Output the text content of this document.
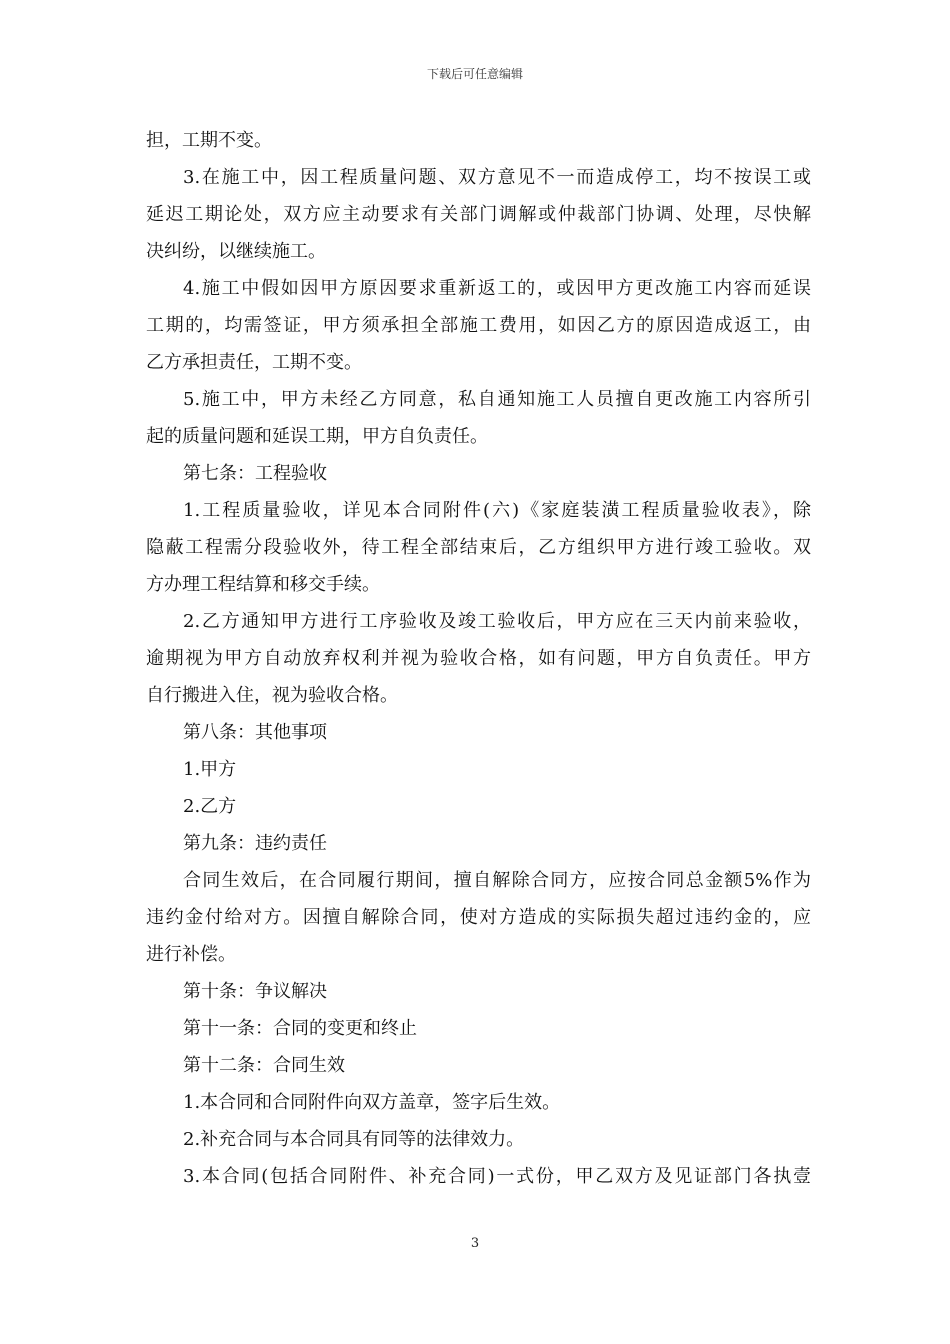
下载后可任意编辑
担，工期不变。
3.在施工中，因工程质量问题、双方意见不一而造成停工，均不按误工或
延迟工期论处，双方应主动要求有关部门调解或仲裁部门协调、处理，尽快解
决纠纷，以继续施工。
4.施工中假如因甲方原因要求重新返工的，或因甲方更改施工内容而延误
工期的，均需签证，甲方须承担全部施工费用，如因乙方的原因造成返工，由
乙方承担责任，工期不变。
5.施工中，甲方未经乙方同意，私自通知施工人员擅自更改施工内容所引
起的质量问题和延误工期，甲方自负责任。
第七条：工程验收
1.工程质量验收，详见本合同附件(六)《家庭装潢工程质量验收表》，除
隐蔽工程需分段验收外，待工程全部结束后，乙方组织甲方进行竣工验收。双
方办理工程结算和移交手续。
2.乙方通知甲方进行工序验收及竣工验收后，甲方应在三天内前来验收，
逾期视为甲方自动放弃权利并视为验收合格，如有问题，甲方自负责任。甲方
自行搬进入住，视为验收合格。
第八条：其他事项
1.甲方
2.乙方
第九条：违约责任
合同生效后，在合同履行期间，擅自解除合同方，应按合同总金额5%作为
违约金付给对方。因擅自解除合同，使对方造成的实际损失超过违约金的，应
进行补偿。
第十条：争议解决
第十一条：合同的变更和终止
第十二条：合同生效
1.本合同和合同附件向双方盖章，签字后生效。
2.补充合同与本合同具有同等的法律效力。
3.本合同(包括合同附件、补充合同)一式份，甲乙双方及见证部门各执壹
3
